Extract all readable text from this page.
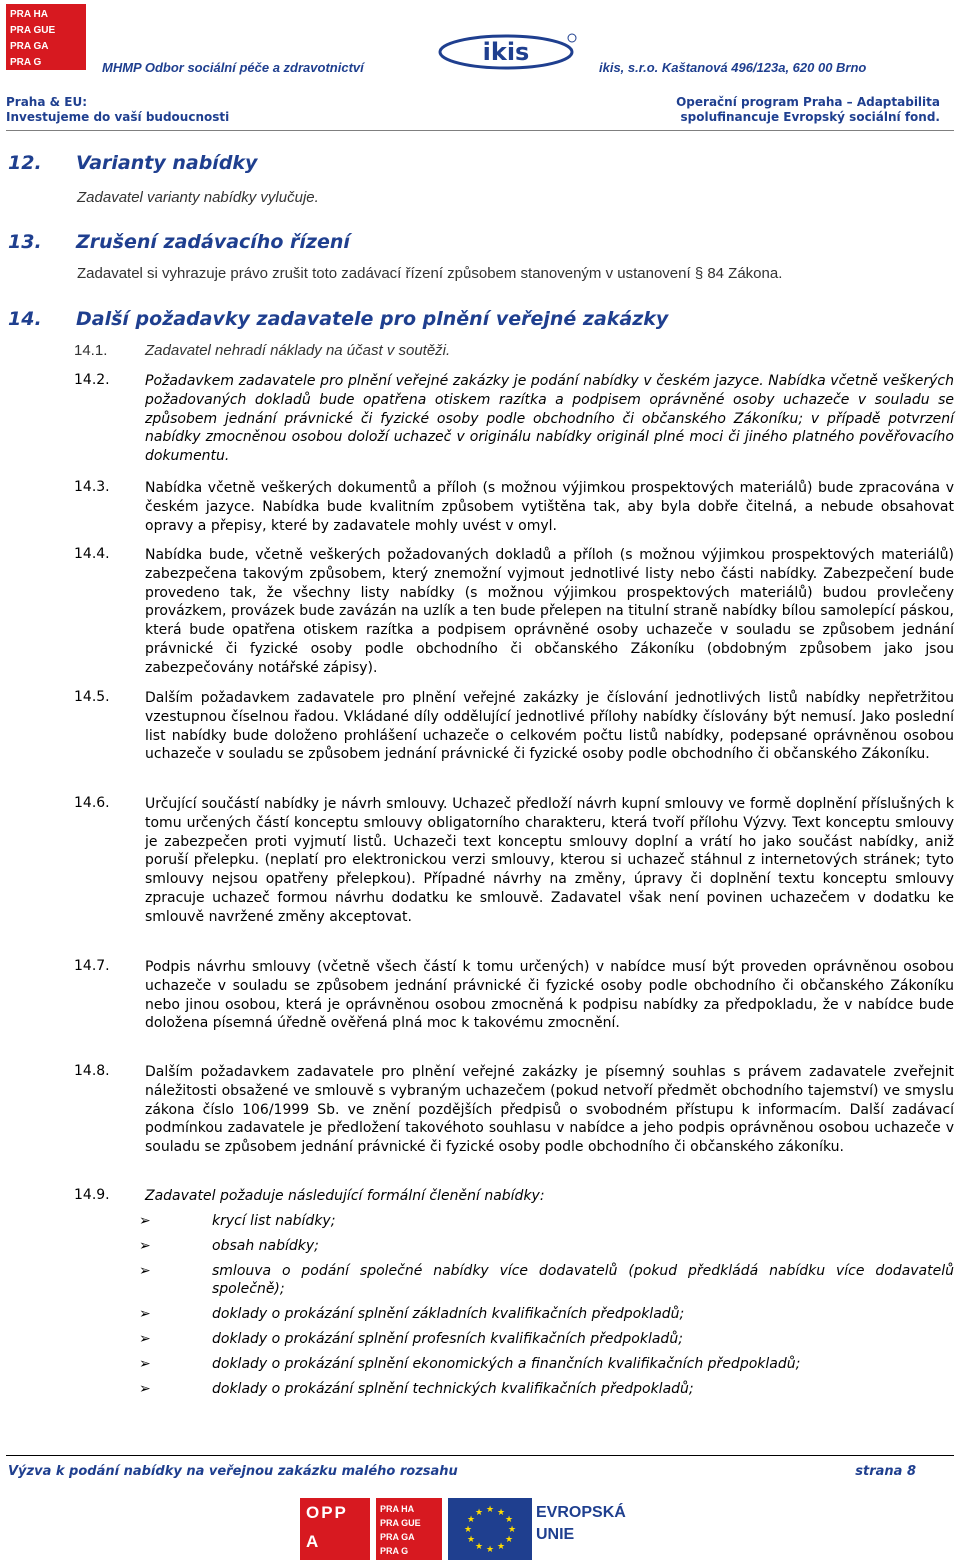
PRA HA
PRA GUE
PRA GA
PRA G	MHMP Odbor sociální péče a zdravotnictví
ikis
ikis, s.r.o. Kaštanová 496/123a, 620 00 Brno
Praha & EU:
Investujeme do vaší budoucnosti
Operační program Praha – Adaptabilita
spolufinancuje Evropský sociální fond.
12. Varianty nabídky
Zadavatel varianty nabídky vylučuje.
13. Zrušení zadávacího řízení
Zadavatel si vyhrazuje právo zrušit toto zadávací řízení způsobem stanoveným v ustanovení § 84 Zákona.
14. Další požadavky zadavatele pro plnění veřejné zakázky
14.1.	Zadavatel nehradí náklady na účast v soutěži.
14.2.	Požadavkem zadavatele pro plnění veřejné zakázky je podání nabídky v českém jazyce. Nabídka včetně veškerých požadovaných dokladů bude opatřena otiskem razítka a podpisem oprávněné osoby uchazeče v souladu se způsobem jednání právnické či fyzické osoby podle obchodního či občanského Zákoníku; v případě potvrzení nabídky zmocněnou osobou doloží uchazeč v originálu nabídky originál plné moci či jiného platného pověřovacího dokumentu.
14.3.	Nabídka včetně veškerých dokumentů a příloh (s možnou výjimkou prospektových materiálů) bude zpracována v českém jazyce. Nabídka bude kvalitním způsobem vytištěna tak, aby byla dobře čitelná, a nebude obsahovat opravy a přepisy, které by zadavatele mohly uvést v omyl.
14.4.	Nabídka bude, včetně veškerých požadovaných dokladů a příloh (s možnou výjimkou prospektových materiálů) zabezpečena takovým způsobem, který znemožní vyjmout jednotlivé listy nebo části nabídky. Zabezpečení bude provedeno tak, že všechny listy nabídky (s možnou výjimkou prospektových materiálů) budou provlečeny provázkem, provázek bude zavázán na uzlík a ten bude přelepen na titulní straně nabídky bílou samolepící páskou, která bude opatřena otiskem razítka a podpisem oprávněné osoby uchazeče v souladu se způsobem jednání právnické či fyzické osoby podle obchodního či občanského Zákoníku (obdobným způsobem jako jsou zabezpečovány notářské zápisy).
14.5.	Dalším požadavkem zadavatele pro plnění veřejné zakázky je číslování jednotlivých listů nabídky nepřetržitou vzestupnou číselnou řadou. Vkládané díly oddělující jednotlivé přílohy nabídky číslovány být nemusí. Jako poslední list nabídky bude doloženo prohlášení uchazeče o celkovém počtu listů nabídky, podepsané oprávněnou osobou uchazeče v souladu se způsobem jednání právnické či fyzické osoby podle obchodního či občanského Zákoníku.
14.6.	Určující součástí nabídky je návrh smlouvy. Uchazeč předloží návrh kupní smlouvy ve formě doplnění příslušných k tomu určených částí konceptu smlouvy obligatorního charakteru, která tvoří přílohu Výzvy. Text konceptu smlouvy je zabezpečen proti vyjmutí listů. Uchazeči text konceptu smlouvy doplní a vrátí ho jako součást nabídky, aniž poruší přelepku. (neplatí pro elektronickou verzi smlouvy, kterou si uchazeč stáhnul z internetových stránek; tyto smlouvy nejsou opatřeny přelepkou). Případné návrhy na změny, úpravy či doplnění textu konceptu smlouvy zpracuje uchazeč formou návrhu dodatku ke smlouvě. Zadavatel však není povinen uchazečem v dodatku ke smlouvě navržené změny akceptovat.
14.7.	Podpis návrhu smlouvy (včetně všech částí k tomu určených) v nabídce musí být proveden oprávněnou osobou uchazeče v souladu se způsobem jednání právnické či fyzické osoby podle obchodního či občanského Zákoníku nebo jinou osobou, která je oprávněnou osobou zmocněná k podpisu nabídky za předpokladu, že v nabídce bude doložena písemná úředně ověřená plná moc k takovému zmocnění.
14.8.	Dalším požadavkem zadavatele pro plnění veřejné zakázky je písemný souhlas s právem zadavatele zveřejnit náležitosti obsažené ve smlouvě s vybraným uchazečem (pokud netvoří předmět obchodního tajemství) ve smyslu zákona číslo 106/1999 Sb. ve znění pozdějších předpisů o svobodném přístupu k informacím. Další zadávací podmínkou zadavatele je předložení takovéhoto souhlasu v nabídce a jeho podpis oprávněnou osobou uchazeče v souladu se způsobem jednání právnické či fyzické osoby podle obchodního či občanského zákoníku.
14.9.	Zadavatel požaduje následující formální členění nabídky:
➢	krycí list nabídky;
➢	obsah nabídky;
➢	smlouva o podání společné nabídky více dodavatelů (pokud předkládá nabídku více dodavatelů společně);
➢	doklady o prokázání splnění základních kvalifikačních předpokladů;
➢	doklady o prokázání splnění profesních kvalifikačních předpokladů;
➢	doklady o prokázání splnění ekonomických a finančních kvalifikačních předpokladů;
➢	doklady o prokázání splnění technických kvalifikačních předpokladů;
Výzva k podání nabídky na veřejnou zakázku malého rozsahu	strana 8
OPP
A
PRA HA
PRA GUE
PRA GA
PRA G
★ ★
★
★
★
★
★
★
★
★
★
★	EVROPSKÁ
UNIE
